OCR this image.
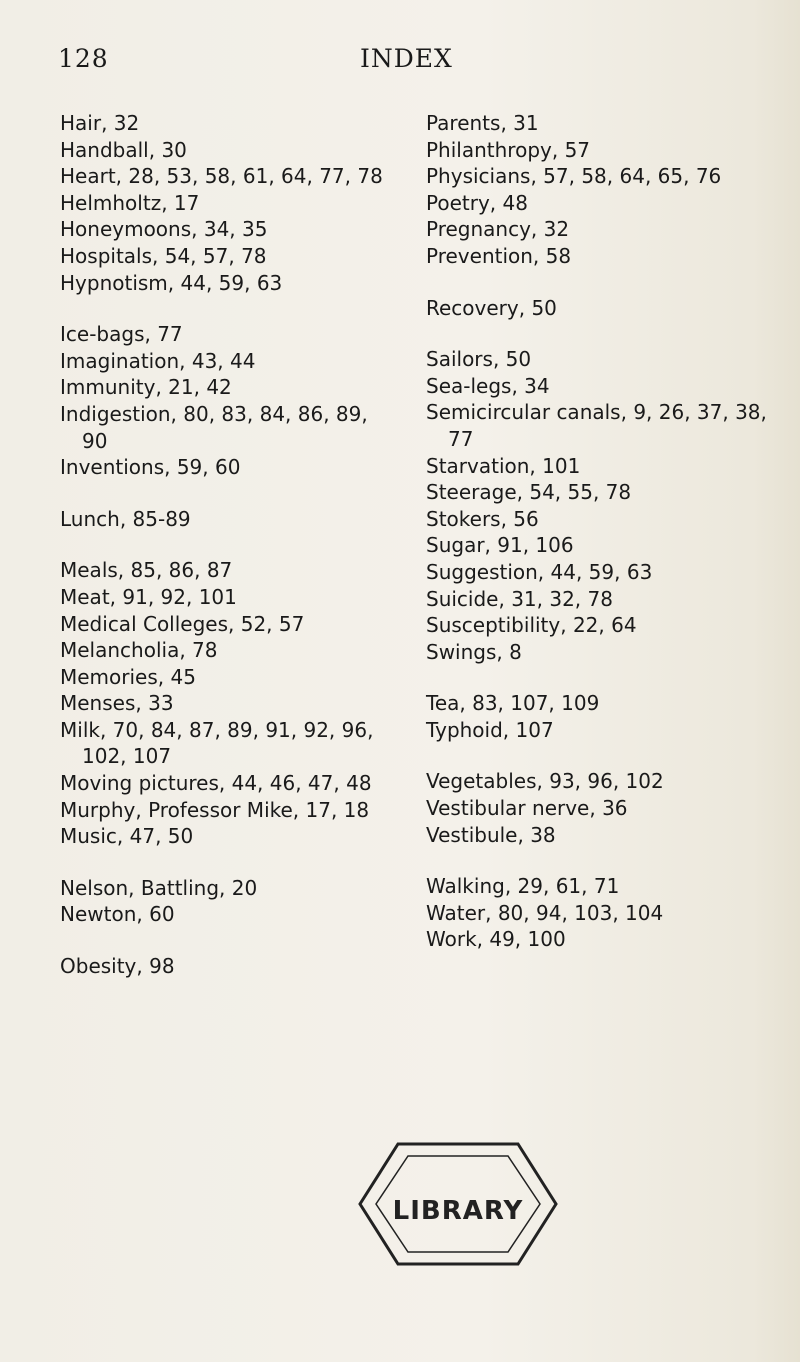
128	INDEX
Hair, 32
Handball, 30
Heart, 28, 53, 58, 61, 64, 77, 78
Helmholtz, 17
Honeymoons, 34, 35
Hospitals, 54, 57, 78
Hypnotism, 44, 59, 63
Ice-bags, 77
Imagination, 43, 44
Immunity, 21, 42
Indigestion, 80, 83, 84, 86, 89, 90
Inventions, 59, 60
Lunch, 85-89
Meals, 85, 86, 87
Meat, 91, 92, 101
Medical Colleges, 52, 57
Melancholia, 78
Memories, 45
Menses, 33
Milk, 70, 84, 87, 89, 91, 92, 96, 102, 107
Moving pictures, 44, 46, 47, 48
Murphy, Professor Mike, 17, 18
Music, 47, 50
Nelson, Battling, 20
Newton, 60
Obesity, 98
Parents, 31
Philanthropy, 57
Physicians, 57, 58, 64, 65, 76
Poetry, 48
Pregnancy, 32
Prevention, 58
Recovery, 50
Sailors, 50
Sea-legs, 34
Semicircular canals, 9, 26, 37, 38, 77
Starvation, 101
Steerage, 54, 55, 78
Stokers, 56
Sugar, 91, 106
Suggestion, 44, 59, 63
Suicide, 31, 32, 78
Susceptibility, 22, 64
Swings, 8
Tea, 83, 107, 109
Typhoid, 107
Vegetables, 93, 96, 102
Vestibular nerve, 36
Vestibule, 38
Walking, 29, 61, 71
Water, 80, 94, 103, 104
Work, 49, 100
LIBRARY
